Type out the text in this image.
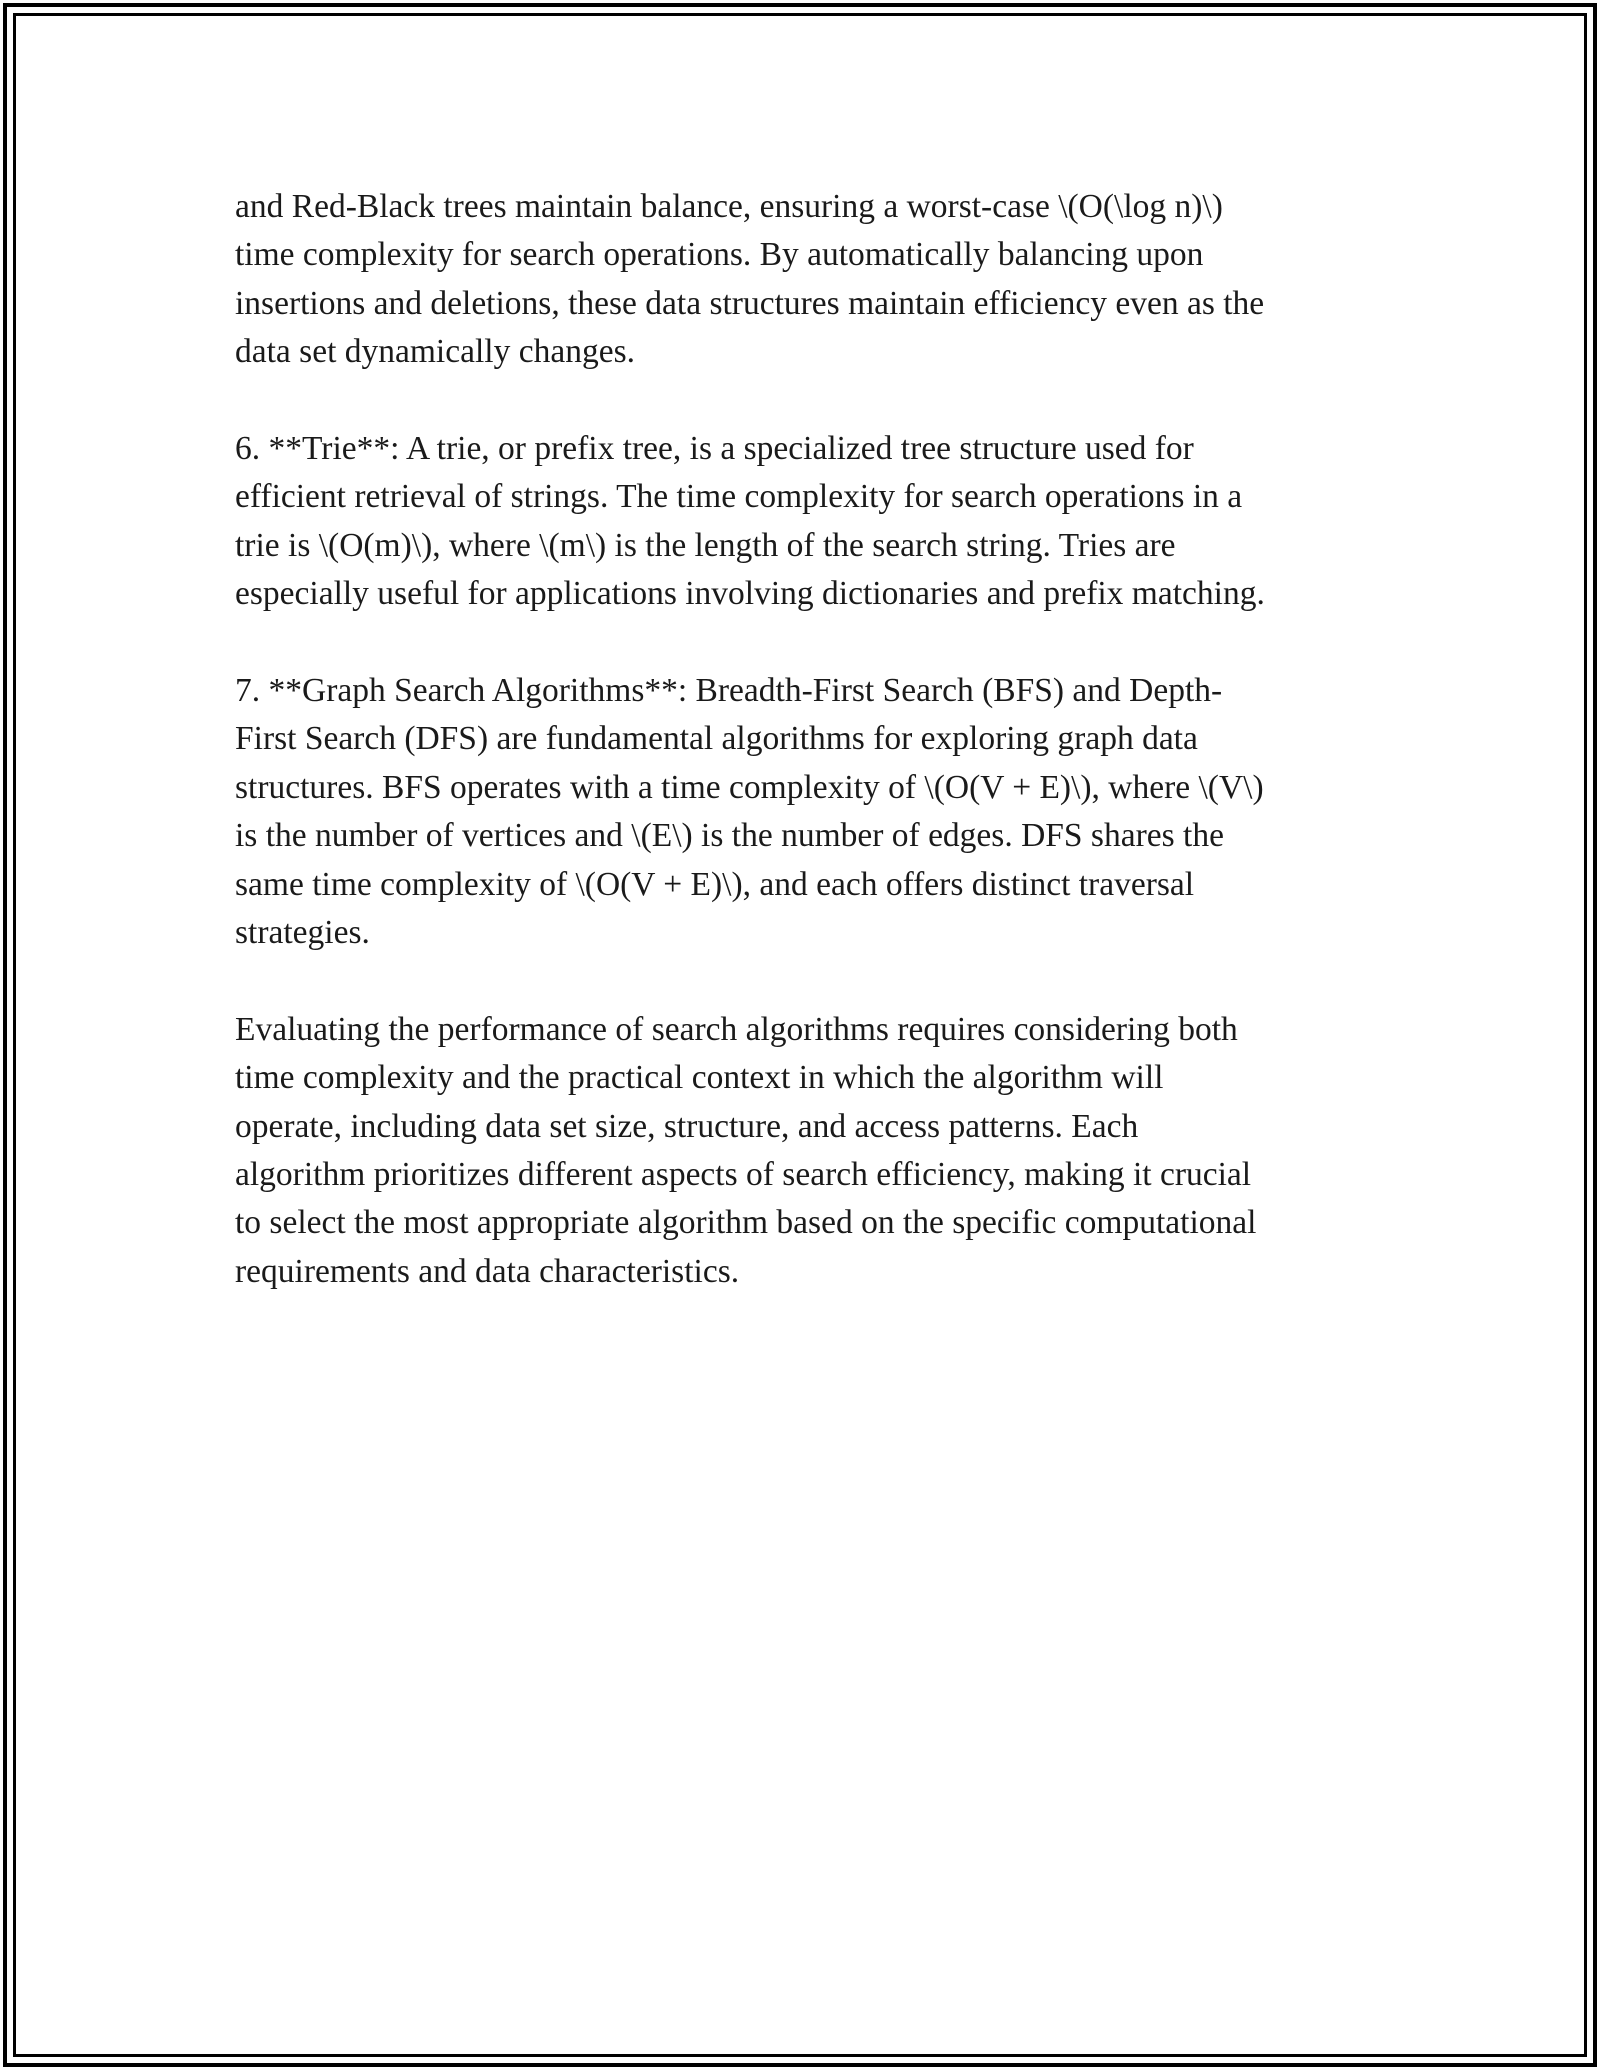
and Red-Black trees maintain balance, ensuring a worst-case \(O(\log n)\)
time complexity for search operations. By automatically balancing upon
insertions and deletions, these data structures maintain efficiency even as the
data set dynamically changes.

6. **Trie**: A trie, or prefix tree, is a specialized tree structure used for
efficient retrieval of strings. The time complexity for search operations in a
trie is \(O(m)\), where \(m\) is the length of the search string. Tries are
especially useful for applications involving dictionaries and prefix matching.

7. **Graph Search Algorithms**: Breadth-First Search (BFS) and Depth-
First Search (DFS) are fundamental algorithms for exploring graph data
structures. BFS operates with a time complexity of \(O(V + E)\), where \(V\)
is the number of vertices and \(E\) is the number of edges. DFS shares the
same time complexity of \(O(V + E)\), and each offers distinct traversal
strategies.

Evaluating the performance of search algorithms requires considering both
time complexity and the practical context in which the algorithm will
operate, including data set size, structure, and access patterns. Each
algorithm prioritizes different aspects of search efficiency, making it crucial
to select the most appropriate algorithm based on the specific computational
requirements and data characteristics.
